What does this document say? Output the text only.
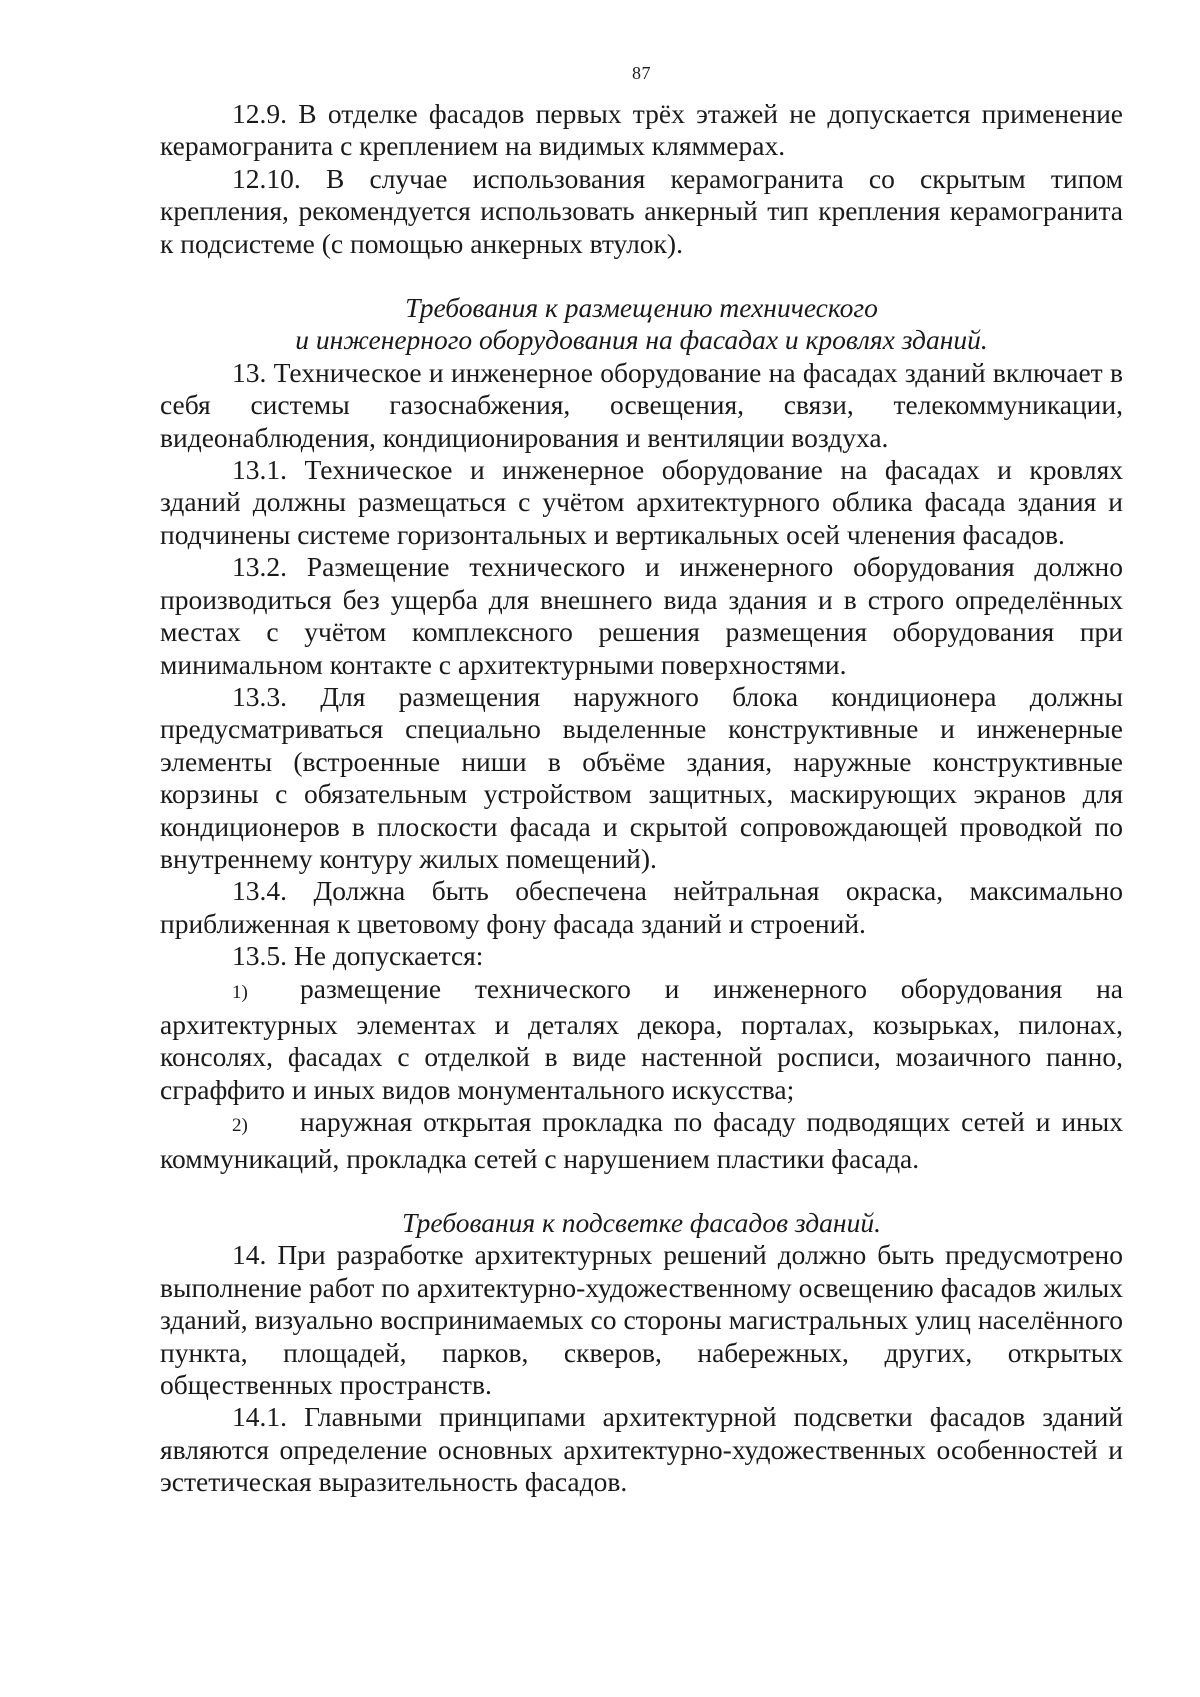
87

12.9. В отделке фасадов первых трёх этажей не допускается применение керамогранита с креплением на видимых кляммерах.

12.10. В случае использования керамогранита со скрытым типом крепления, рекомендуется использовать анкерный тип крепления керамогранита к подсистеме (с помощью анкерных втулок).

Требования к размещению технического
и инженерного оборудования на фасадах и кровлях зданий.

13. Техническое и инженерное оборудование на фасадах зданий включает в себя системы газоснабжения, освещения, связи, телекоммуникации, видеонаблюдения, кондиционирования и вентиляции воздуха.

13.1. Техническое и инженерное оборудование на фасадах и кровлях зданий должны размещаться с учётом архитектурного облика фасада здания и подчинены системе горизонтальных и вертикальных осей членения фасадов.

13.2. Размещение технического и инженерного оборудования должно производиться без ущерба для внешнего вида здания и в строго определённых местах с учётом комплексного решения размещения оборудования при минимальном контакте с архитектурными поверхностями.

13.3. Для размещения наружного блока кондиционера должны предусматриваться специально выделенные конструктивные и инженерные элементы (встроенные ниши в объёме здания, наружные конструктивные корзины с обязательным устройством защитных, маскирующих экранов для кондиционеров в плоскости фасада и скрытой сопровождающей проводкой по внутреннему контуру жилых помещений).

13.4. Должна быть обеспечена нейтральная окраска, максимально приближенная к цветовому фону фасада зданий и строений.

13.5. Не допускается:

1) размещение технического и инженерного оборудования на архитектурных элементах и деталях декора, порталах, козырьках, пилонах, консолях, фасадах с отделкой в виде настенной росписи, мозаичного панно, сграффито и иных видов монументального искусства;

2) наружная открытая прокладка по фасаду подводящих сетей и иных коммуникаций, прокладка сетей с нарушением пластики фасада.

Требования к подсветке фасадов зданий.

14. При разработке архитектурных решений должно быть предусмотрено выполнение работ по архитектурно-художественному освещению фасадов жилых зданий, визуально воспринимаемых со стороны магистральных улиц населённого пункта, площадей, парков, скверов, набережных, других, открытых общественных пространств.

14.1. Главными принципами архитектурной подсветки фасадов зданий являются определение основных архитектурно-художественных особенностей и эстетическая выразительность фасадов.
